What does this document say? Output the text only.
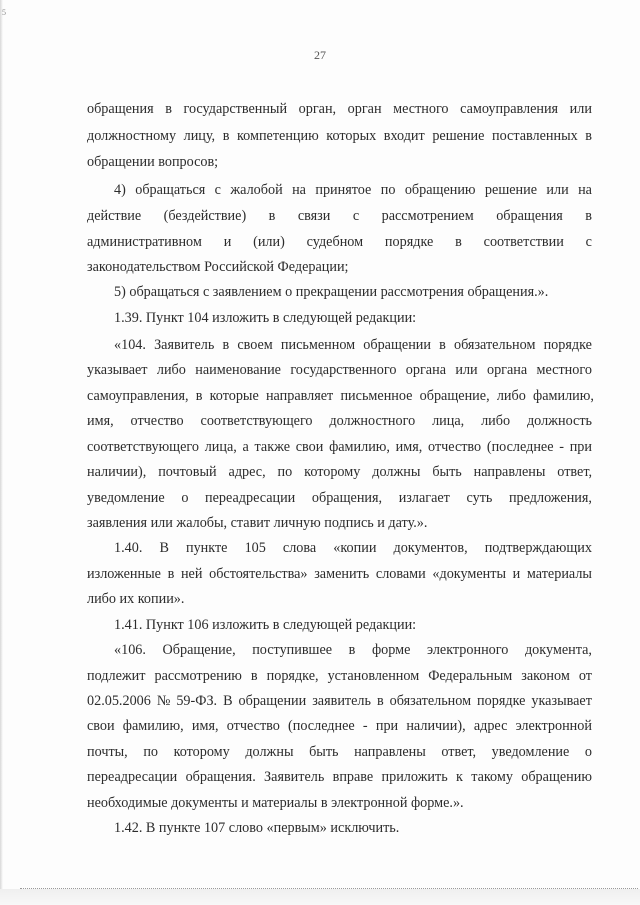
5
27
обращения в государственный орган, орган местного самоуправления или
должностному лицу, в компетенцию которых входит решение поставленных в
обращении вопросов;
4) обращаться с жалобой на принятое по обращению решение или на
действие (бездействие) в связи с рассмотрением обращения в
административном и (или) судебном порядке в соответствии с
законодательством Российской Федерации;
5) обращаться с заявлением о прекращении рассмотрения обращения.».
1.39. Пункт 104 изложить в следующей редакции:
«104. Заявитель в своем письменном обращении в обязательном порядке
указывает либо наименование государственного органа или органа местного
самоуправления, в которые направляет письменное обращение, либо фамилию,
имя, отчество соответствующего должностного лица, либо должность
соответствующего лица, а также свои фамилию, имя, отчество (последнее - при
наличии), почтовый адрес, по которому должны быть направлены ответ,
уведомление о переадресации обращения, излагает суть предложения,
заявления или жалобы, ставит личную подпись и дату.».
1.40. В пункте 105 слова «копии документов, подтверждающих
изложенные в ней обстоятельства» заменить словами «документы и материалы
либо их копии».
1.41. Пункт 106 изложить в следующей редакции:
«106. Обращение, поступившее в форме электронного документа,
подлежит рассмотрению в порядке, установленном Федеральным законом от
02.05.2006 № 59-ФЗ. В обращении заявитель в обязательном порядке указывает
свои фамилию, имя, отчество (последнее - при наличии), адрес электронной
почты, по которому должны быть направлены ответ, уведомление о
переадресации обращения. Заявитель вправе приложить к такому обращению
необходимые документы и материалы в электронной форме.».
1.42. В пункте 107 слово «первым» исключить.
